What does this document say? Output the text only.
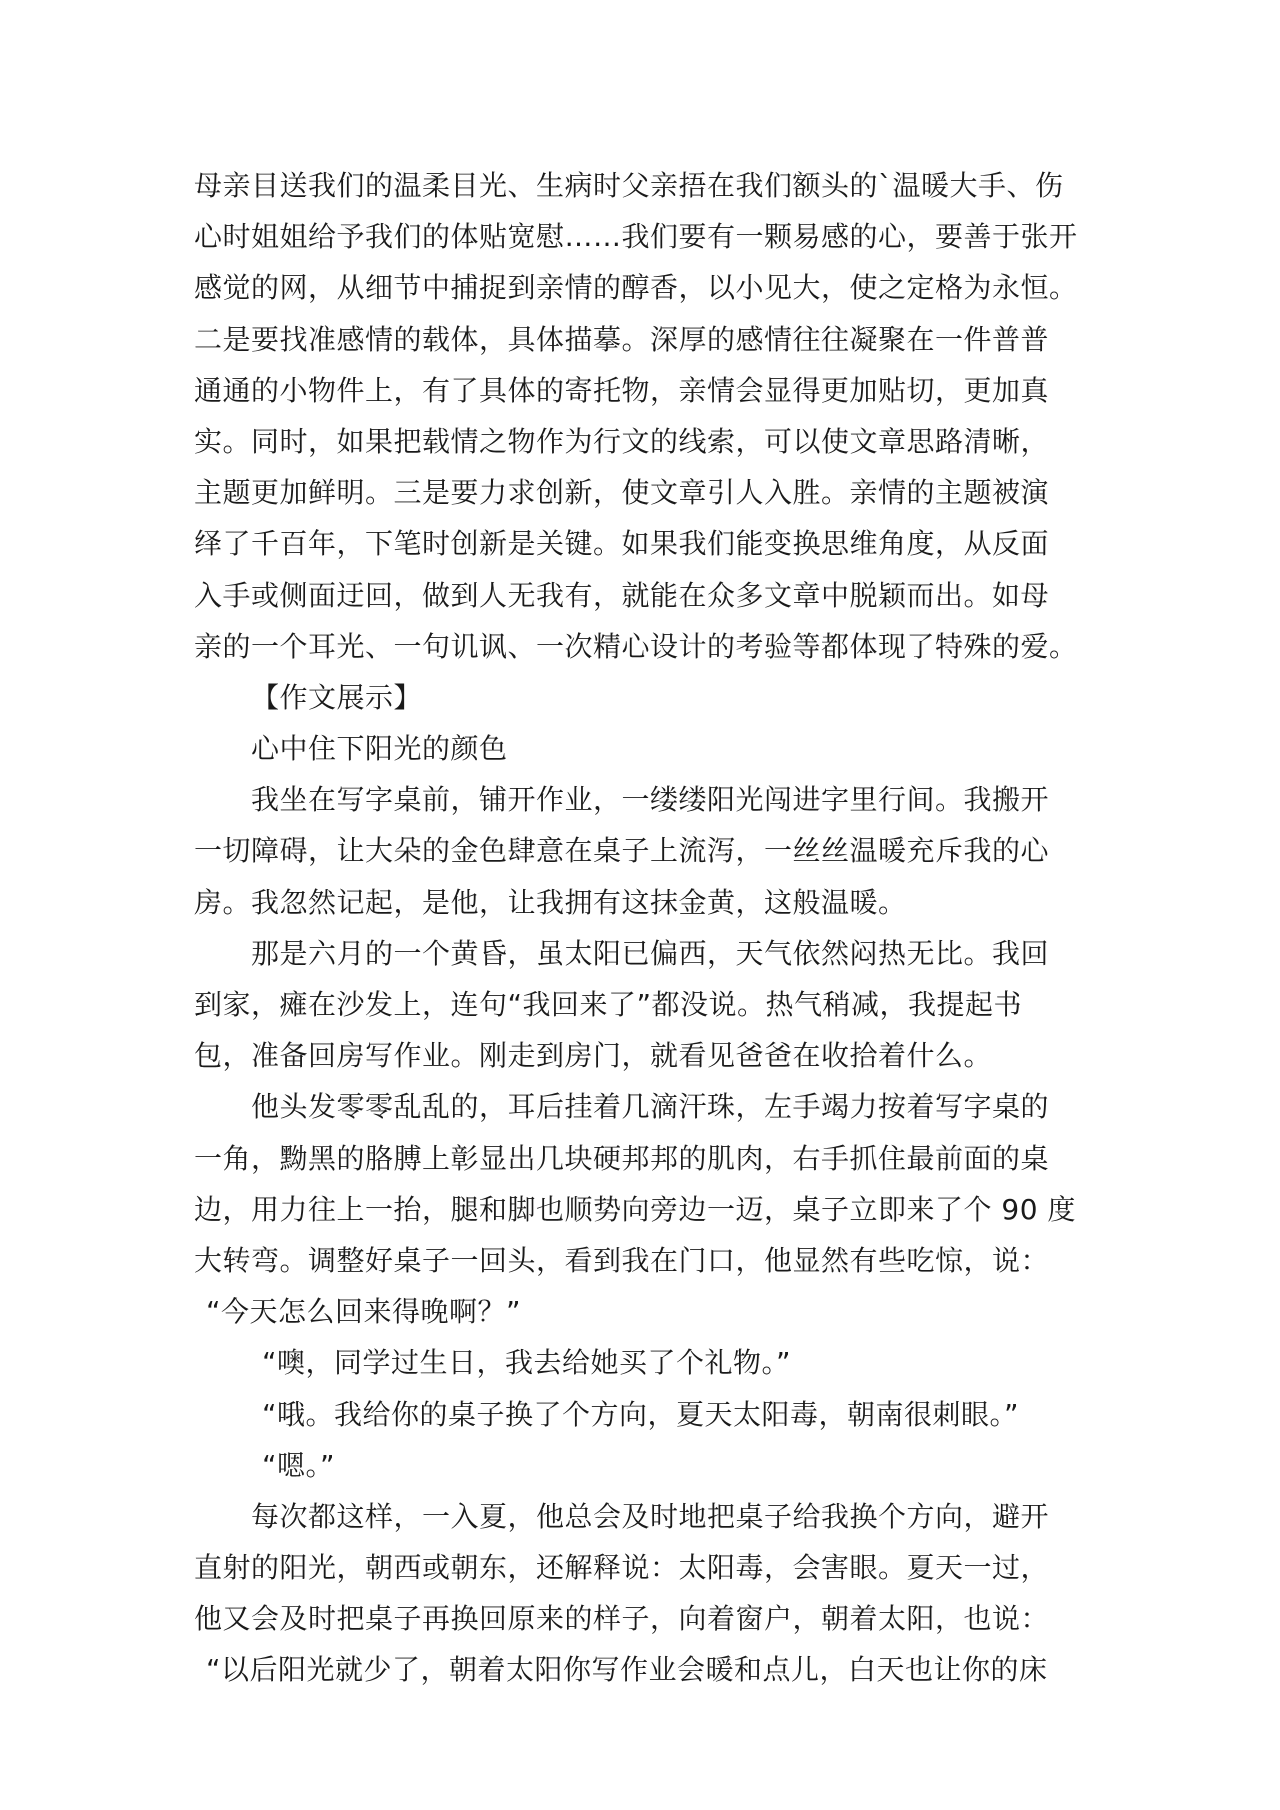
母亲目送我们的温柔目光、生病时父亲捂在我们额头的`温暖大手、伤
心时姐姐给予我们的体贴宽慰……我们要有一颗易感的心，要善于张开
感觉的网，从细节中捕捉到亲情的醇香，以小见大，使之定格为永恒。
二是要找准感情的载体，具体描摹。深厚的感情往往凝聚在一件普普
通通的小物件上，有了具体的寄托物，亲情会显得更加贴切，更加真
实。同时，如果把载情之物作为行文的线索，可以使文章思路清晰，
主题更加鲜明。三是要力求创新，使文章引人入胜。亲情的主题被演
绎了千百年，下笔时创新是关键。如果我们能变换思维角度，从反面
入手或侧面迂回，做到人无我有，就能在众多文章中脱颖而出。如母
亲的一个耳光、一句讥讽、一次精心设计的考验等都体现了特殊的爱。
【作文展示】
心中住下阳光的颜色
我坐在写字桌前，铺开作业，一缕缕阳光闯进字里行间。我搬开
一切障碍，让大朵的金色肆意在桌子上流泻，一丝丝温暖充斥我的心
房。我忽然记起，是他，让我拥有这抹金黄，这般温暖。
那是六月的一个黄昏，虽太阳已偏西，天气依然闷热无比。我回
到家，瘫在沙发上，连句“我回来了”都没说。热气稍减，我提起书
包，准备回房写作业。刚走到房门，就看见爸爸在收拾着什么。
他头发零零乱乱的，耳后挂着几滴汗珠，左手竭力按着写字桌的
一角，黝黑的胳膊上彰显出几块硬邦邦的肌肉，右手抓住最前面的桌
边，用力往上一抬，腿和脚也顺势向旁边一迈，桌子立即来了个 90 度
大转弯。调整好桌子一回头，看到我在门口，他显然有些吃惊，说：
“今天怎么回来得晚啊？”
“噢，同学过生日，我去给她买了个礼物。”
“哦。我给你的桌子换了个方向，夏天太阳毒，朝南很刺眼。”
“嗯。”
每次都这样，一入夏，他总会及时地把桌子给我换个方向，避开
直射的阳光，朝西或朝东，还解释说：太阳毒，会害眼。夏天一过，
他又会及时把桌子再换回原来的样子，向着窗户，朝着太阳，也说：
“以后阳光就少了，朝着太阳你写作业会暖和点儿，白天也让你的床
